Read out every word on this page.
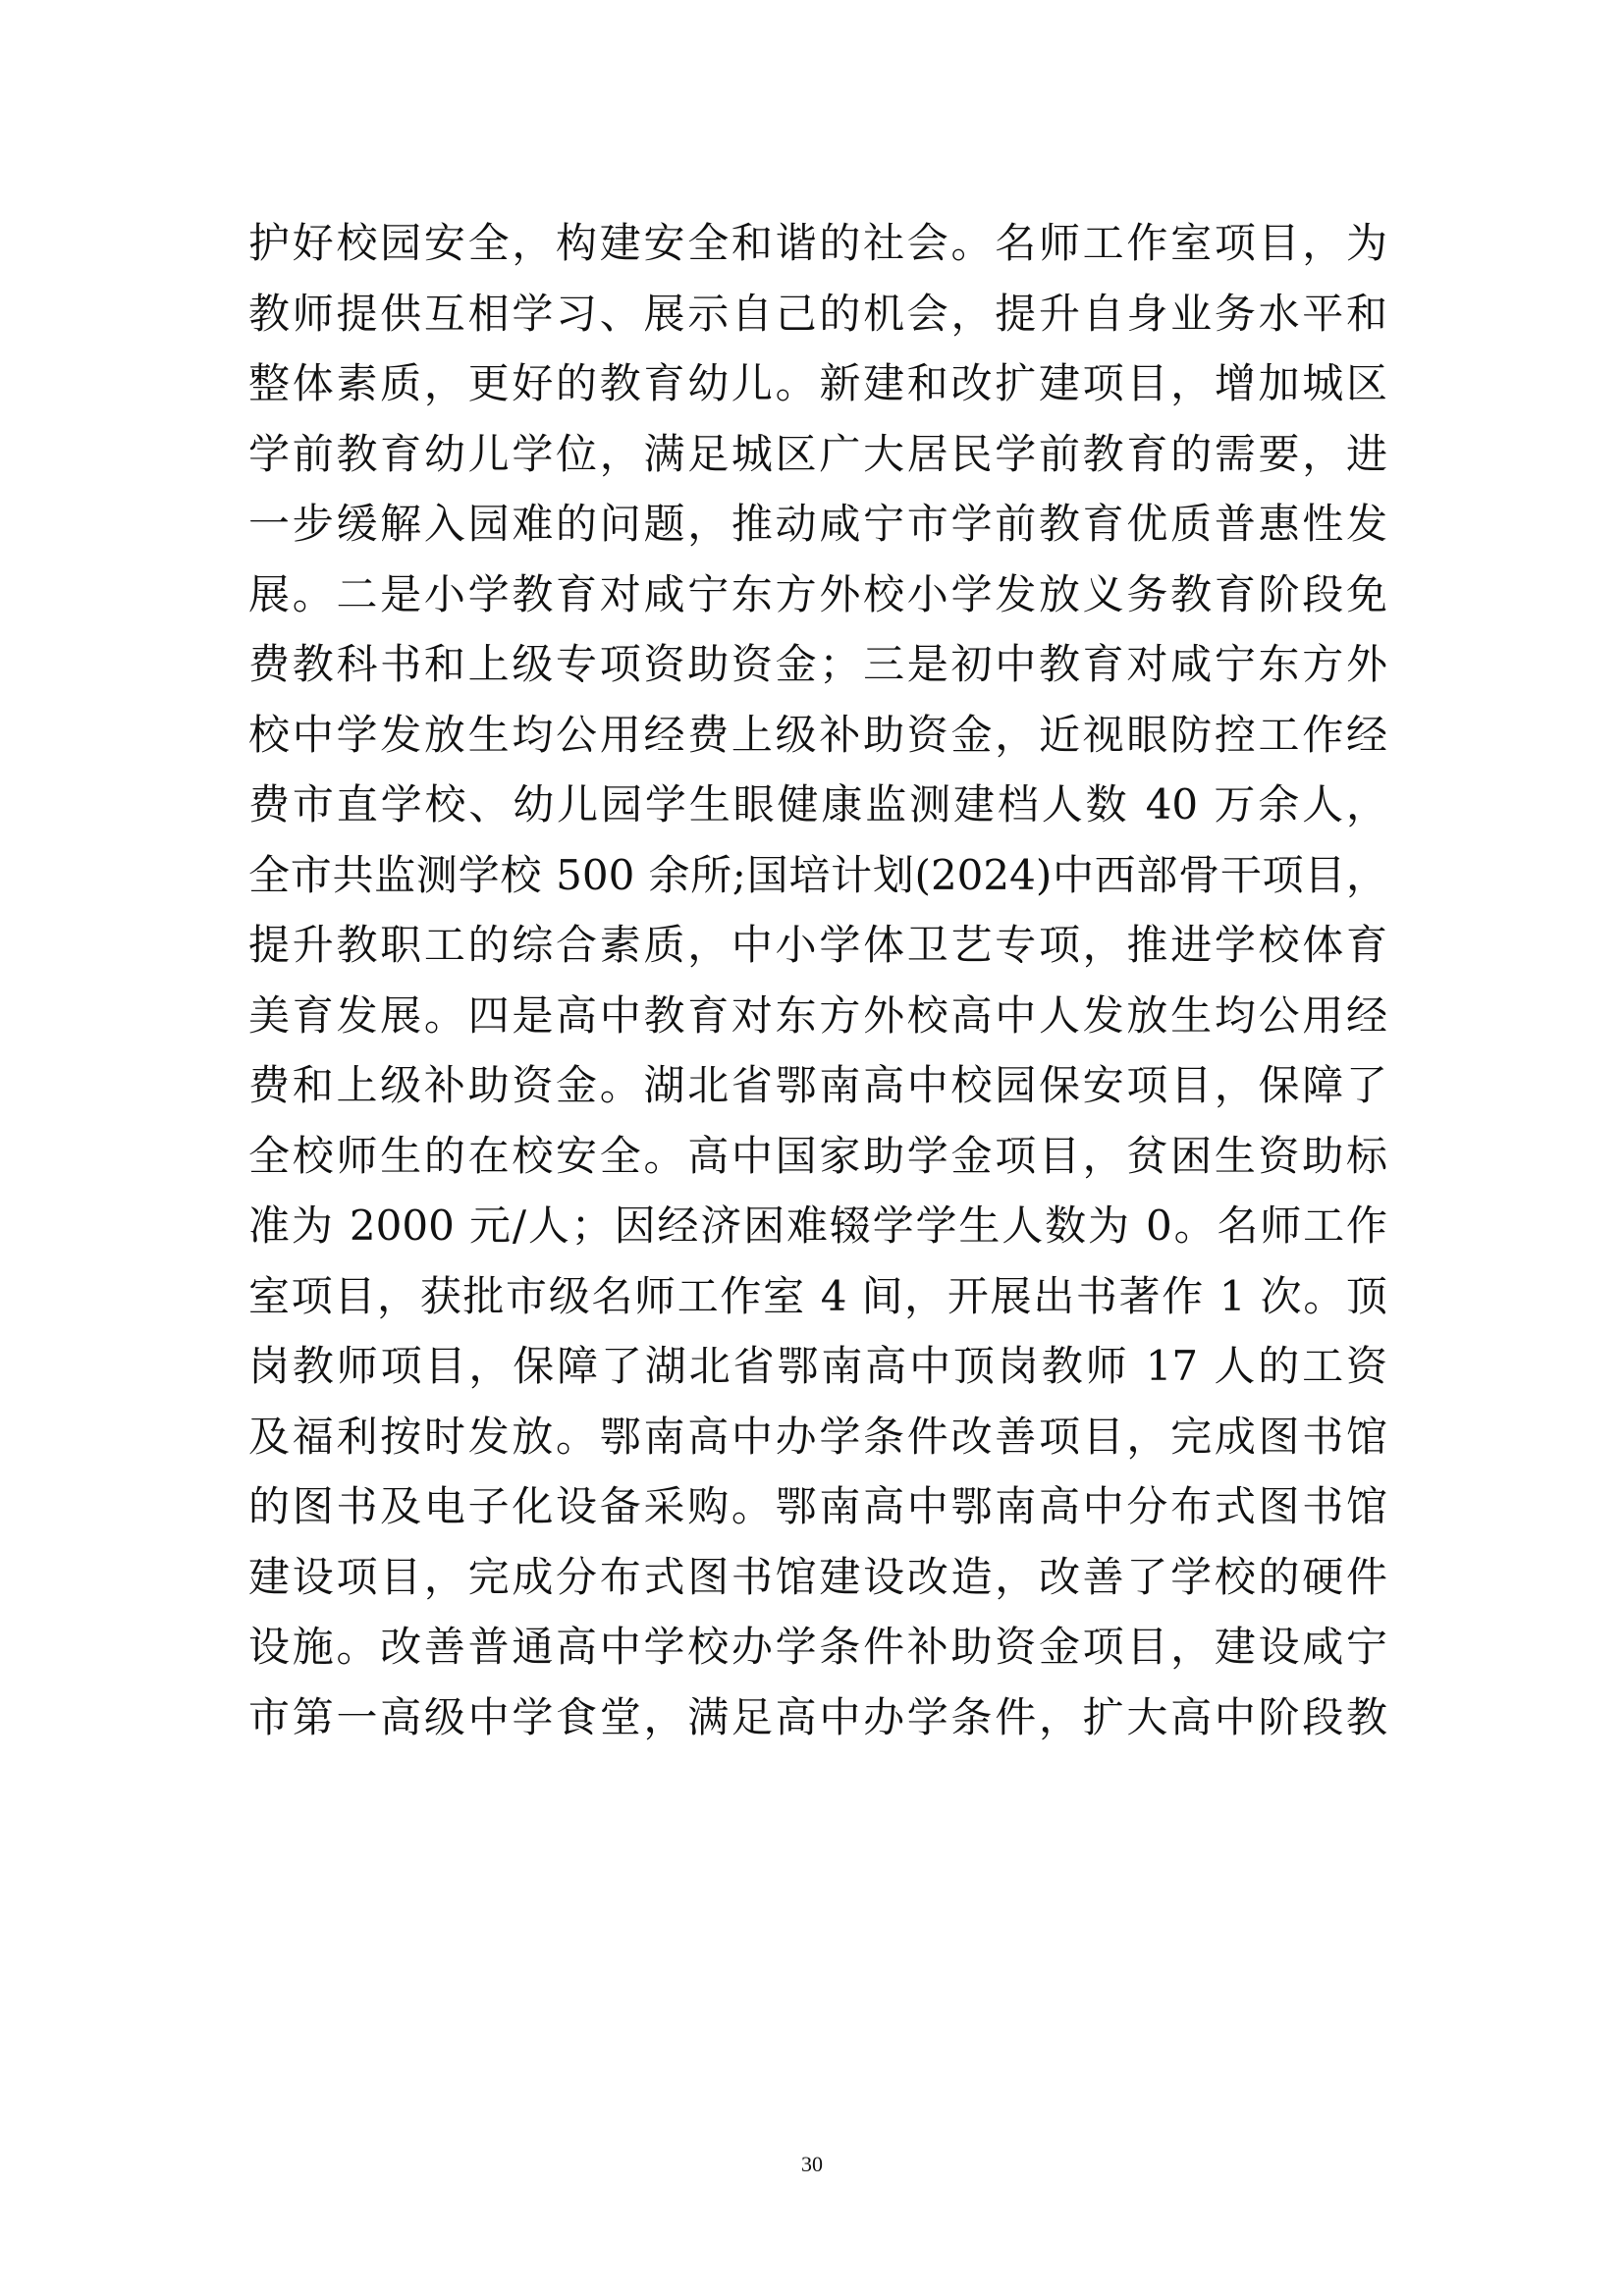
护好校园安全，构建安全和谐的社会。名师工作室项目，为
教师提供互相学习、展示自己的机会，提升自身业务水平和
整体素质，更好的教育幼儿。新建和改扩建项目，增加城区
学前教育幼儿学位，满足城区广大居民学前教育的需要，进
一步缓解入园难的问题，推动咸宁市学前教育优质普惠性发
展。二是小学教育对咸宁东方外校小学发放义务教育阶段免
费教科书和上级专项资助资金；三是初中教育对咸宁东方外
校中学发放生均公用经费上级补助资金，近视眼防控工作经
费市直学校、幼儿园学生眼健康监测建档人数 40 万余人，
全市共监测学校 500 余所;国培计划(2024)中西部骨干项目，
提升教职工的综合素质，中小学体卫艺专项，推进学校体育
美育发展。四是高中教育对东方外校高中人发放生均公用经
费和上级补助资金。湖北省鄂南高中校园保安项目，保障了
全校师生的在校安全。高中国家助学金项目，贫困生资助标
准为 2000 元/人；因经济困难辍学学生人数为 0。名师工作
室项目，获批市级名师工作室 4 间，开展出书著作 1 次。顶
岗教师项目，保障了湖北省鄂南高中顶岗教师 17 人的工资
及福利按时发放。鄂南高中办学条件改善项目，完成图书馆
的图书及电子化设备采购。鄂南高中鄂南高中分布式图书馆
建设项目，完成分布式图书馆建设改造，改善了学校的硬件
设施。改善普通高中学校办学条件补助资金项目，建设咸宁
市第一高级中学食堂，满足高中办学条件，扩大高中阶段教
30
